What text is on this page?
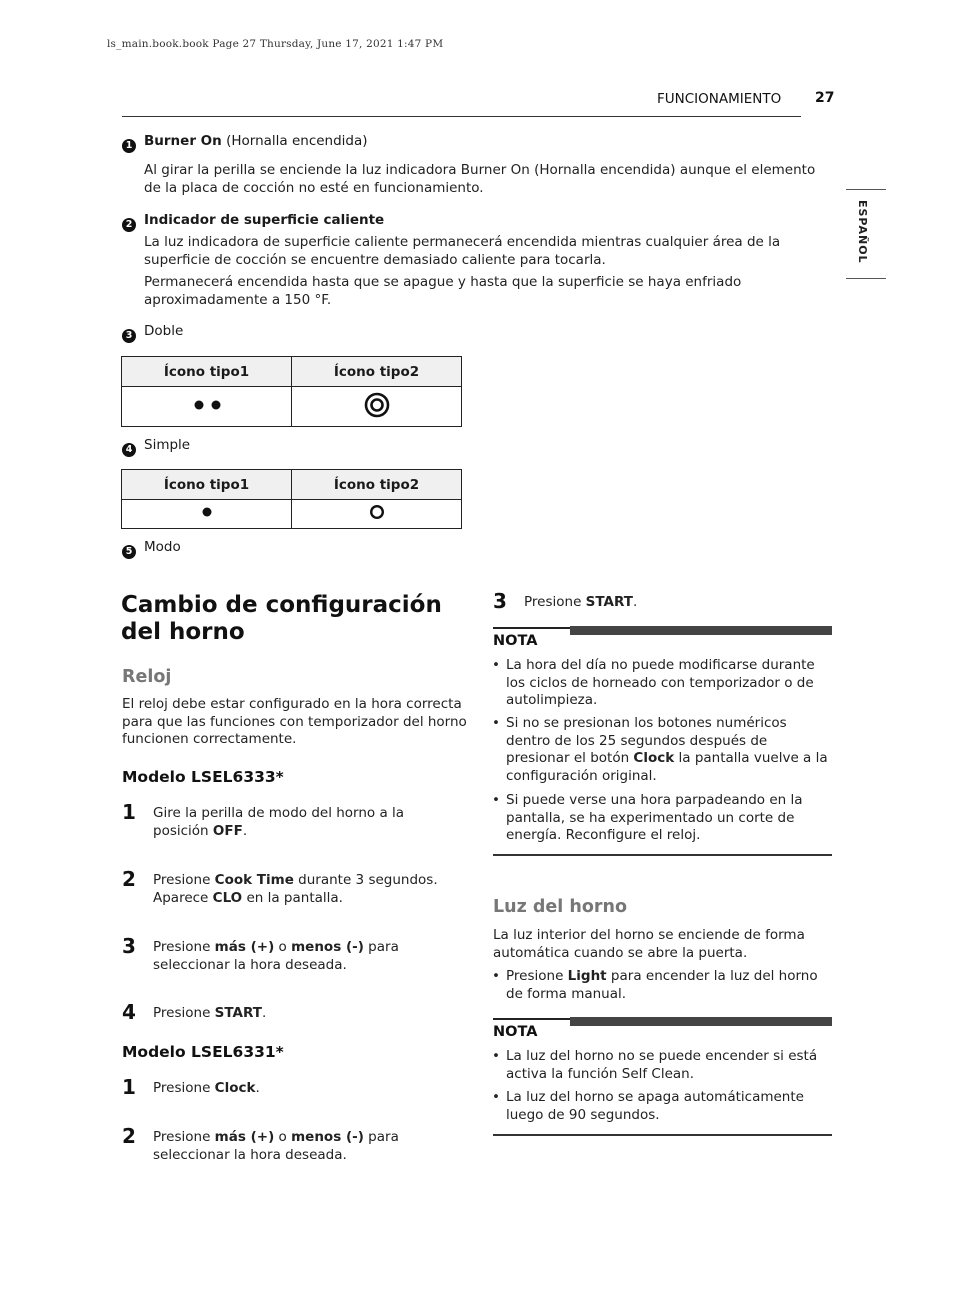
ls_main.book.book Page 27 Thursday, June 17, 2021 1:47 PM
FUNCIONAMIENTO 27
ESPAÑOL
1 Burner On (Hornalla encendida)
Al girar la perilla se enciende la luz indicadora Burner On (Hornalla encendida) aunque el elemento de la placa de cocción no esté en funcionamiento.
2 Indicador de superficie caliente
La luz indicadora de superficie caliente permanecerá encendida mientras cualquier área de la superficie de cocción se encuentre demasiado caliente para tocarla.
Permanecerá encendida hasta que se apague y hasta que la superficie se haya enfriado aproximadamente a 150 °F.
3 Doble
Ícono tipo1	Ícono tipo2

4 Simple
Ícono tipo1	Ícono tipo2

5 Modo
Cambio de configuración del horno
Reloj
El reloj debe estar configurado en la hora correcta para que las funciones con temporizador del horno funcionen correctamente.
Modelo LSEL6333*
1 Gire la perilla de modo del horno a la posición OFF.
2 Presione Cook Time durante 3 segundos. Aparece CLO en la pantalla.
3 Presione más (+) o menos (-) para seleccionar la hora deseada.
4 Presione START.
Modelo LSEL6331*
1 Presione Clock.
2 Presione más (+) o menos (-) para seleccionar la hora deseada.
3 Presione START.
NOTA
• La hora del día no puede modificarse durante los ciclos de horneado con temporizador o de autolimpieza.
• Si no se presionan los botones numéricos dentro de los 25 segundos después de presionar el botón Clock la pantalla vuelve a la configuración original.
• Si puede verse una hora parpadeando en la pantalla, se ha experimentado un corte de energía. Reconfigure el reloj.
Luz del horno
La luz interior del horno se enciende de forma automática cuando se abre la puerta.
• Presione Light para encender la luz del horno de forma manual.
NOTA
• La luz del horno no se puede encender si está activa la función Self Clean.
• La luz del horno se apaga automáticamente luego de 90 segundos.
